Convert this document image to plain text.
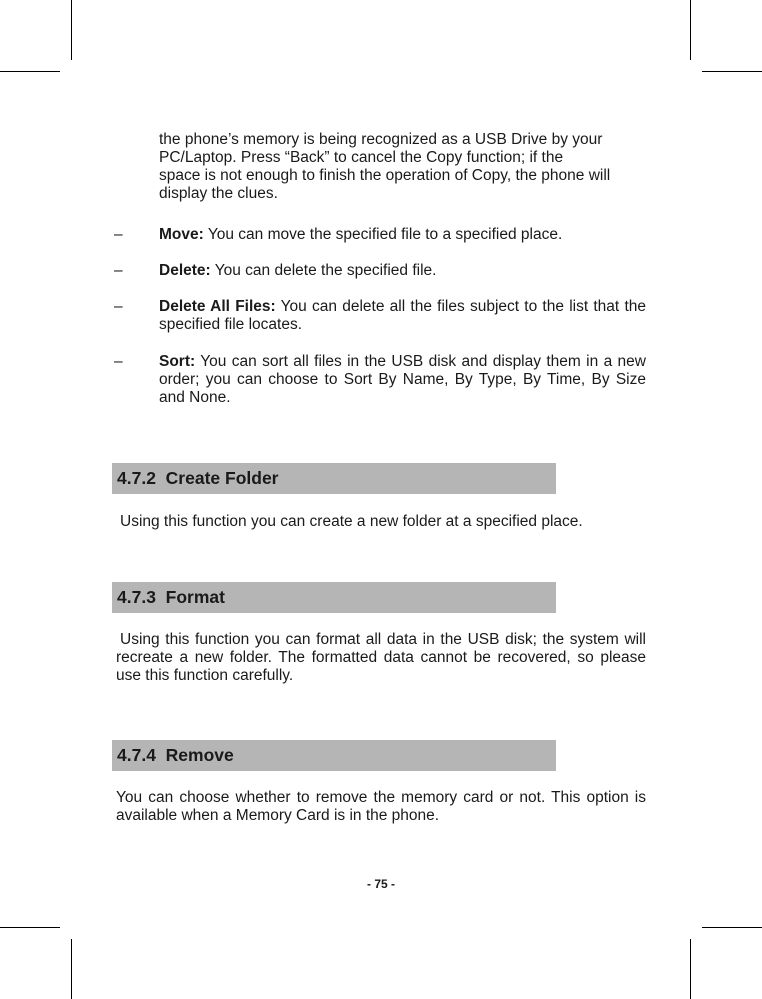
the phone’s memory is being recognized as a USB Drive by your
PC/Laptop. Press “Back” to cancel the Copy function; if the
space is not enough to finish the operation of Copy, the phone will
display the clues.
– Move: You can move the specified file to a specified place.
– Delete: You can delete the specified file.
– Delete All Files: You can delete all the files subject to the list that the specified file locates.
– Sort: You can sort all files in the USB disk and display them in a new order; you can choose to Sort By Name, By Type, By Time, By Size and None.
4.7.2 Create Folder
Using this function you can create a new folder at a specified place.
4.7.3 Format
Using this function you can format all data in the USB disk; the system will recreate a new folder. The formatted data cannot be recovered, so please use this function carefully.
4.7.4 Remove
You can choose whether to remove the memory card or not. This option is available when a Memory Card is in the phone.
- 75 -
